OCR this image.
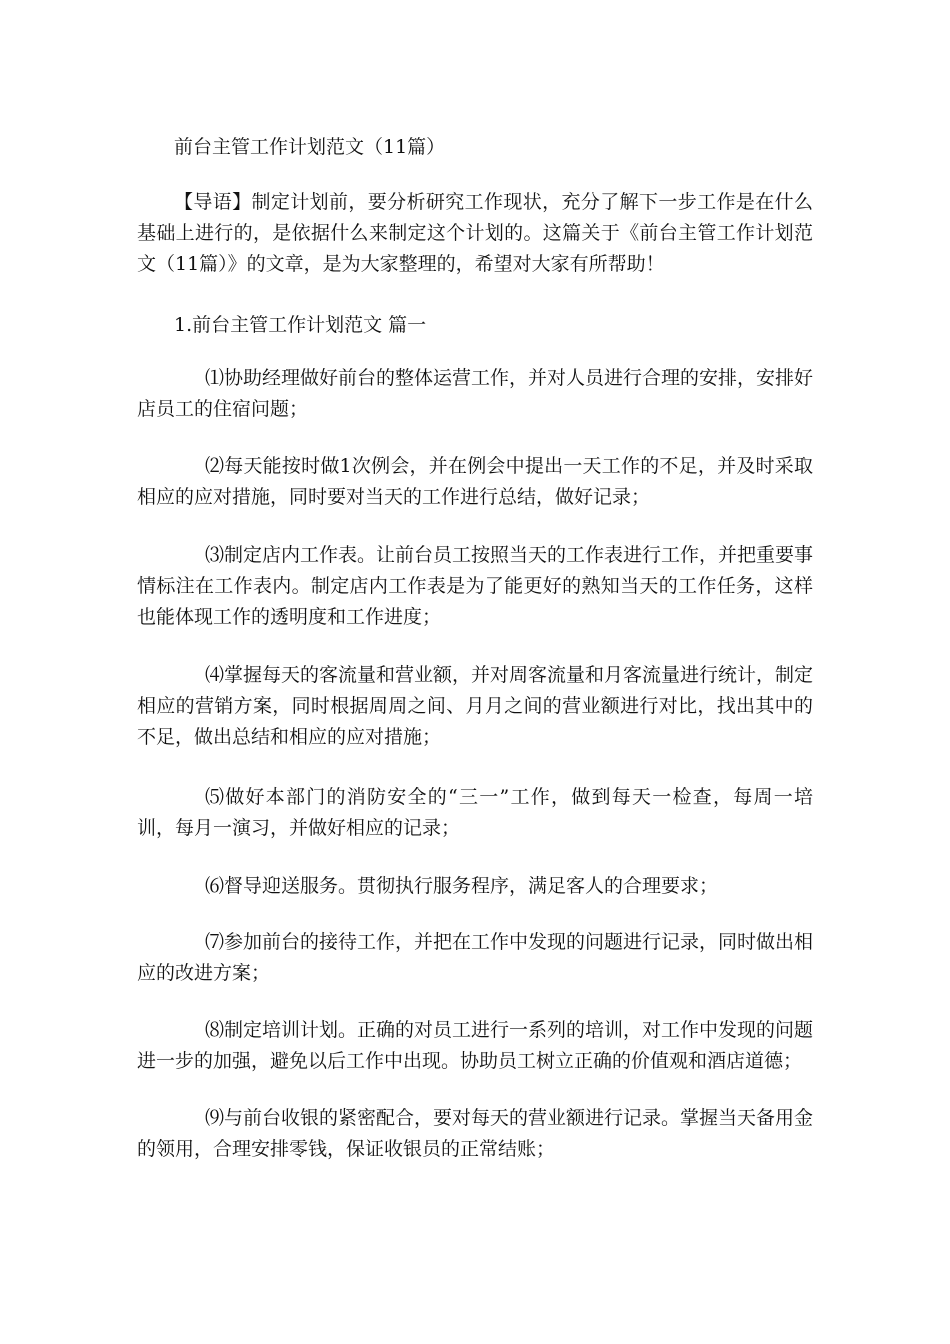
前台主管工作计划范文（11篇）

【导语】制定计划前，要分析研究工作现状，充分了解下一步工作是在什么基础上进行的，是依据什么来制定这个计划的。这篇关于《前台主管工作计划范文（11篇）》的文章，是为大家整理的，希望对大家有所帮助！

1.前台主管工作计划范文 篇一

⑴协助经理做好前台的整体运营工作，并对人员进行合理的安排，安排好店员工的住宿问题；

⑵每天能按时做1次例会，并在例会中提出一天工作的不足，并及时采取相应的应对措施，同时要对当天的工作进行总结，做好记录；

⑶制定店内工作表。让前台员工按照当天的工作表进行工作，并把重要事情标注在工作表内。制定店内工作表是为了能更好的熟知当天的工作任务，这样也能体现工作的透明度和工作进度；

⑷掌握每天的客流量和营业额，并对周客流量和月客流量进行统计，制定相应的营销方案，同时根据周周之间、月月之间的营业额进行对比，找出其中的不足，做出总结和相应的应对措施；

⑸做好本部门的消防安全的“三一”工作，做到每天一检查，每周一培训，每月一演习，并做好相应的记录；

⑹督导迎送服务。贯彻执行服务程序，满足客人的合理要求；

⑺参加前台的接待工作，并把在工作中发现的问题进行记录，同时做出相应的改进方案；

⑻制定培训计划。正确的对员工进行一系列的培训，对工作中发现的问题进一步的加强，避免以后工作中出现。协助员工树立正确的价值观和酒店道德；

⑼与前台收银的紧密配合，要对每天的营业额进行记录。掌握当天备用金的领用，合理安排零钱，保证收银员的正常结账；
